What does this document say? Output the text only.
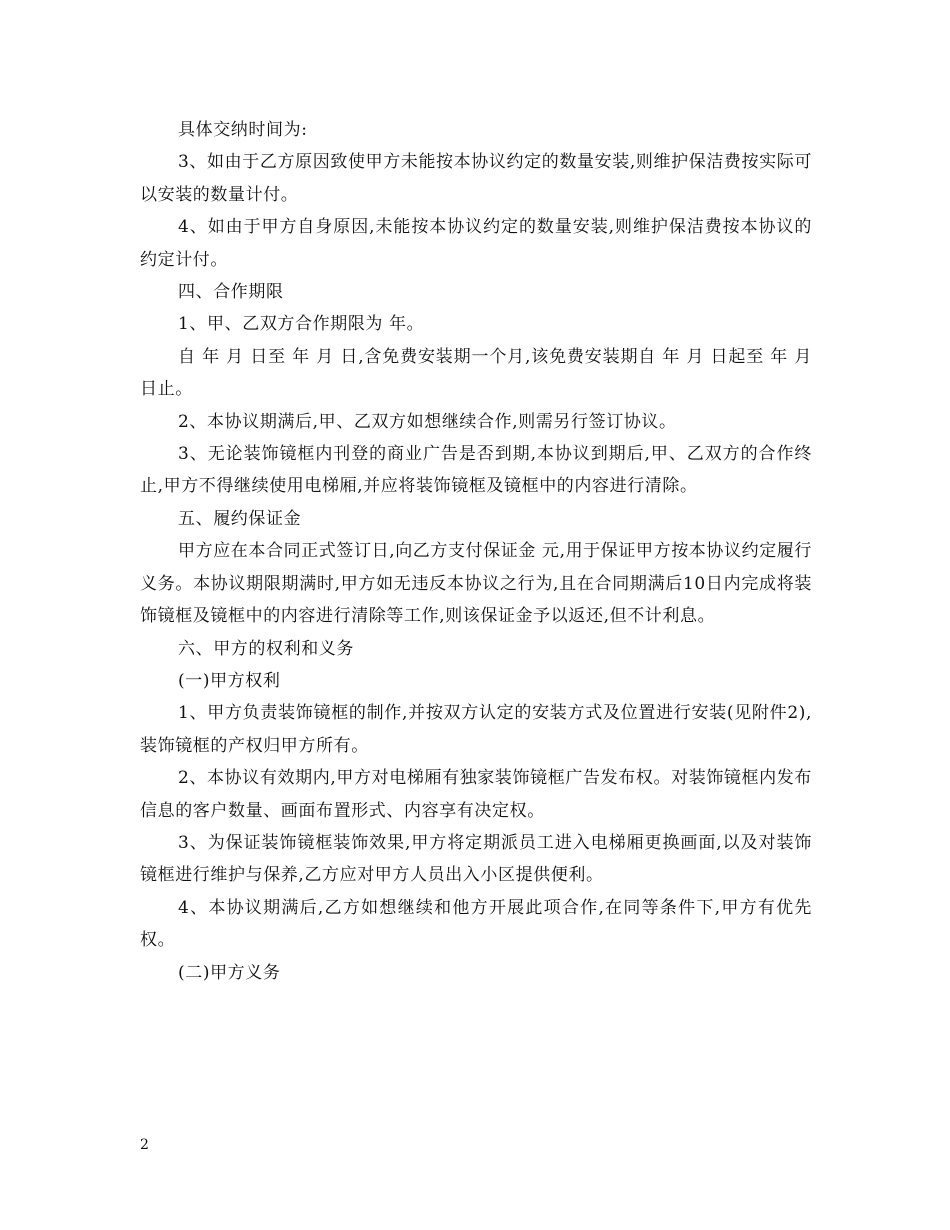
具体交纳时间为:

3、如由于乙方原因致使甲方未能按本协议约定的数量安装,则维护保洁费按实际可以安装的数量计付。

4、如由于甲方自身原因,未能按本协议约定的数量安装,则维护保洁费按本协议的约定计付。

四、合作期限

1、甲、乙双方合作期限为 年。

自 年 月 日至 年 月 日,含免费安装期一个月,该免费安装期自 年 月 日起至 年 月 日止。

2、本协议期满后,甲、乙双方如想继续合作,则需另行签订协议。

3、无论装饰镜框内刊登的商业广告是否到期,本协议到期后,甲、乙双方的合作终止,甲方不得继续使用电梯厢,并应将装饰镜框及镜框中的内容进行清除。

五、履约保证金

甲方应在本合同正式签订日,向乙方支付保证金 元,用于保证甲方按本协议约定履行义务。本协议期限期满时,甲方如无违反本协议之行为,且在合同期满后10日内完成将装饰镜框及镜框中的内容进行清除等工作,则该保证金予以返还,但不计利息。

六、甲方的权利和义务

(一)甲方权利

1、甲方负责装饰镜框的制作,并按双方认定的安装方式及位置进行安装(见附件2),装饰镜框的产权归甲方所有。

2、本协议有效期内,甲方对电梯厢有独家装饰镜框广告发布权。对装饰镜框内发布信息的客户数量、画面布置形式、内容享有决定权。

3、为保证装饰镜框装饰效果,甲方将定期派员工进入电梯厢更换画面,以及对装饰镜框进行维护与保养,乙方应对甲方人员出入小区提供便利。

4、本协议期满后,乙方如想继续和他方开展此项合作,在同等条件下,甲方有优先权。

(二)甲方义务

2
